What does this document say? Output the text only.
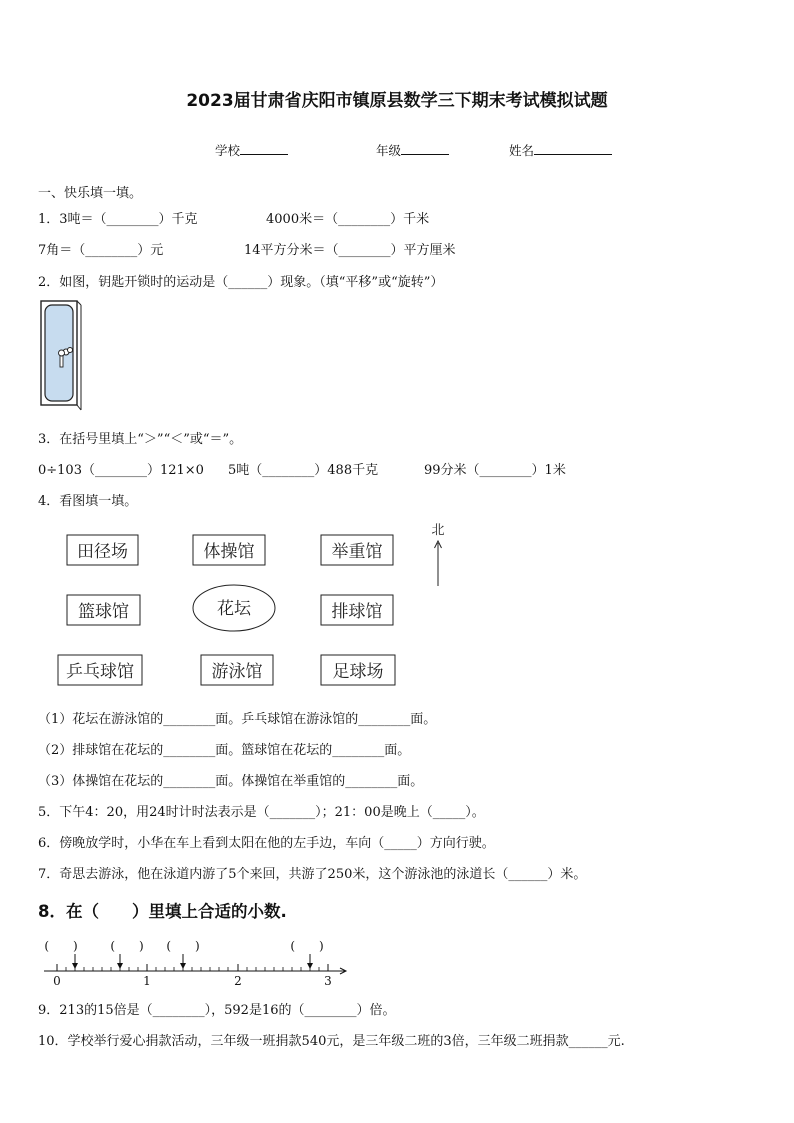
2023届甘肃省庆阳市镇原县数学三下期末考试模拟试题
学校	年级	姓名
一、快乐填一填。
1．3吨＝（________）千克	4000米＝（________）千米
7角＝（________）元	14平方分米＝（________）平方厘米
2．如图，钥匙开锁时的运动是（______）现象。（填“平移”或“旋转”）
3．在括号里填上“＞”“＜”或“＝”。
0÷103（________）121×0 5吨（________）488千克	99分米（________）1米
4．看图填一填。
田径场	体操馆	举重馆
篮球馆	花坛	排球馆
乒乓球馆	游泳馆	足球场
北
（1）花坛在游泳馆的________面。乒乓球馆在游泳馆的________面。
（2）排球馆在花坛的________面。篮球馆在花坛的________面。
（3）体操馆在花坛的________面。体操馆在举重馆的________面。
5．下午4：20，用24时计时法表示是（_______）；21：00是晚上（_____）。
6．傍晚放学时，小华在车上看到太阳在他的左手边，车向（_____）方向行驶。
7．奇思去游泳，他在泳道内游了5个来回，共游了250米，这个游泳池的泳道长（______）米。
8．在（　　）里填上合适的小数.
(　　)	(　　) (　　)	(　　)
0	1	2	3
9．213的15倍是（________），592是16的（________）倍。
10．学校举行爱心捐款活动，三年级一班捐款540元，是三年级二班的3倍，三年级二班捐款______元.
